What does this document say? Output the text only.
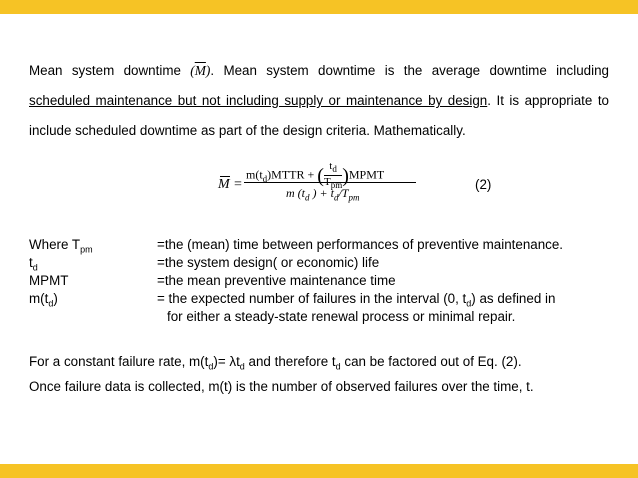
Mean system downtime $(\overline{M})$. Mean system downtime is the average downtime including scheduled maintenance but not including supply or maintenance by design. It is appropriate to include scheduled downtime as part of the design criteria. Mathematically.
M =
$m(t_d)MTTR$ + ( $t_d$
$T_{pm}$ )MPMT
m ($t_d$ ) + $t_d/T_{pm}$
(2)
Where $T_{pm}$	=the (mean) time between performances of preventive maintenance.
$t_d$	=the system design( or economic) life
MPMT	=the mean preventive maintenance time
$m(t_d)$	= the expected number of failures in the interval (0, $t_d$) as defined in
for either a steady-state renewal process or minimal repair.
For a constant failure rate, $m(t_d)= \lambda t_d$ and therefore $t_d$ can be factored out of Eq. (2).
Once failure data is collected, m(t) is the number of observed failures over the time, t.
